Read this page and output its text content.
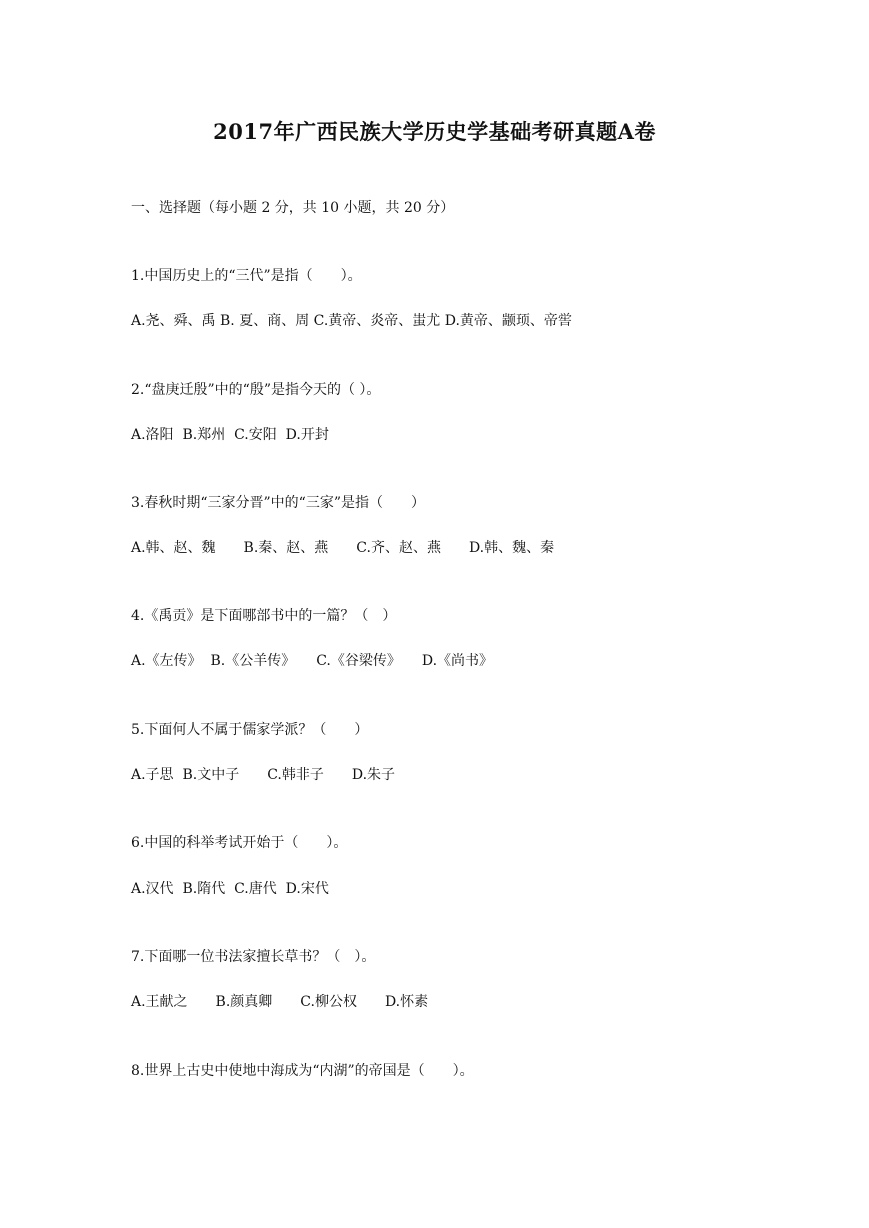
2017年广西民族大学历史学基础考研真题A卷
一、选择题（每小题 2 分，共 10 小题，共 20 分）
1.中国历史上的“三代”是指（　　）。
A.尧、舜、禹 B. 夏、商、周 C.黄帝、炎帝、蚩尤 D.黄帝、颛顼、帝喾
2.“盘庚迁殷”中的“殷”是指今天的（ ）。
A.洛阳  B.郑州  C.安阳  D.开封
3.春秋时期“三家分晋”中的“三家”是指（　　）
A.韩、赵、魏　　B.秦、赵、燕　　C.齐、赵、燕　　D.韩、魏、秦
4.《禹贡》是下面哪部书中的一篇？（　）
A.《左传》  B.《公羊传》　　C.《谷梁传》　　D.《尚书》
5.下面何人不属于儒家学派？（　　）
A.子思  B.文中子　　C.韩非子　　D.朱子
6.中国的科举考试开始于（　　）。
A.汉代  B.隋代  C.唐代  D.宋代
7.下面哪一位书法家擅长草书？（　）。
A.王献之　　B.颜真卿　　C.柳公权　　D.怀素
8.世界上古史中使地中海成为“内湖”的帝国是（　　）。
